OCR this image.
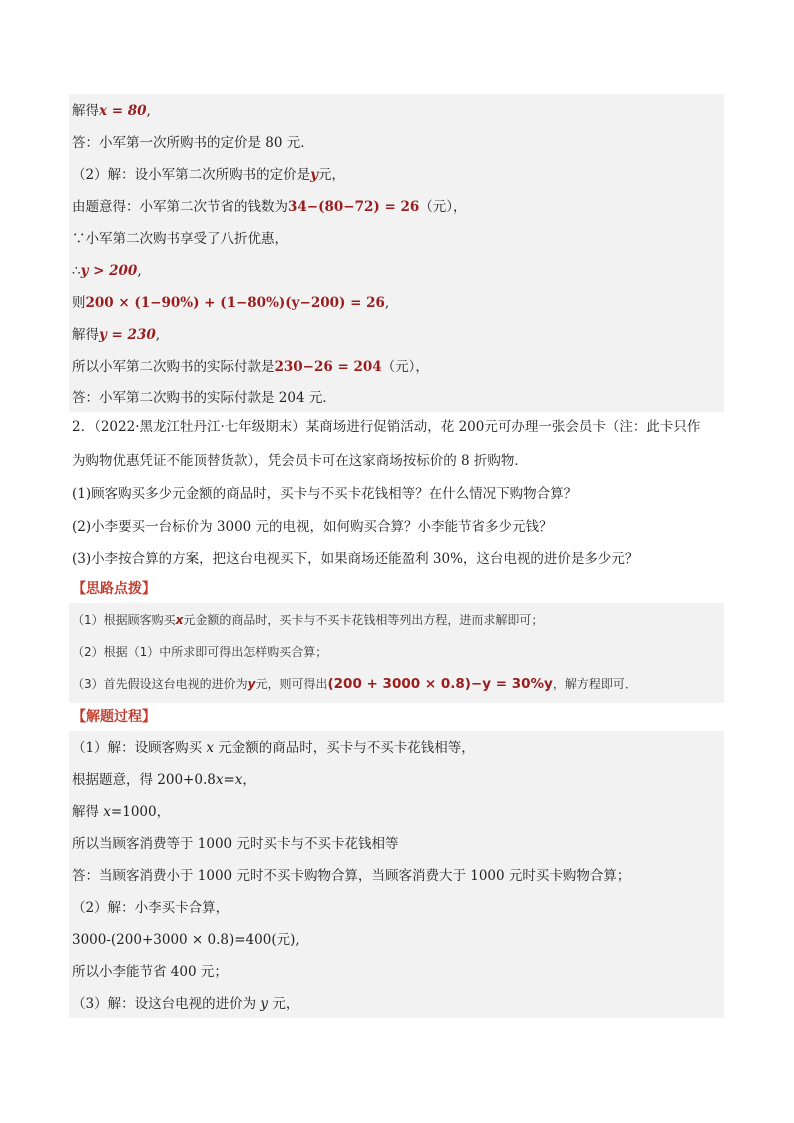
解得x = 80,
答：小军第一次所购书的定价是 80 元．
（2）解：设小军第二次所购书的定价是y元，
由题意得：小军第二次节省的钱数为34−(80−72) = 26（元），
∵小军第二次购书享受了八折优惠，
∴y > 200,
则200 × (1−90%) + (1−80%)(y−200) = 26,
解得y = 230,
所以小军第二次购书的实际付款是230−26 = 204（元），
答：小军第二次购书的实际付款是 204 元．
2．（2022·黑龙江牡丹江·七年级期末）某商场进行促销活动，花 200元可办理一张会员卡（注：此卡只作
为购物优惠凭证不能顶替货款），凭会员卡可在这家商场按标价的 8 折购物．
(1)顾客购买多少元金额的商品时，买卡与不买卡花钱相等？在什么情况下购物合算？
(2)小李要买一台标价为 3000 元的电视，如何购买合算？小李能节省多少元钱？
(3)小李按合算的方案，把这台电视买下，如果商场还能盈利 30%，这台电视的进价是多少元？
【思路点拨】
（1）根据顾客购买x元金额的商品时，买卡与不买卡花钱相等列出方程，进而求解即可；
（2）根据（1）中所求即可得出怎样购买合算；
（3）首先假设这台电视的进价为y元，则可得出(200 + 3000 × 0.8)−y = 30%y，解方程即可．
【解题过程】
（1）解：设顾客购买 x 元金额的商品时，买卡与不买卡花钱相等，
根据题意，得 200+0.8x=x，
解得 x=1000，
所以当顾客消费等于 1000 元时买卡与不买卡花钱相等
答：当顾客消费小于 1000 元时不买卡购物合算，当顾客消费大于 1000 元时买卡购物合算；
（2）解：小李买卡合算，
3000-(200+3000 × 0.8)=400(元),
所以小李能节省 400 元；
（3）解：设这台电视的进价为 y 元，
